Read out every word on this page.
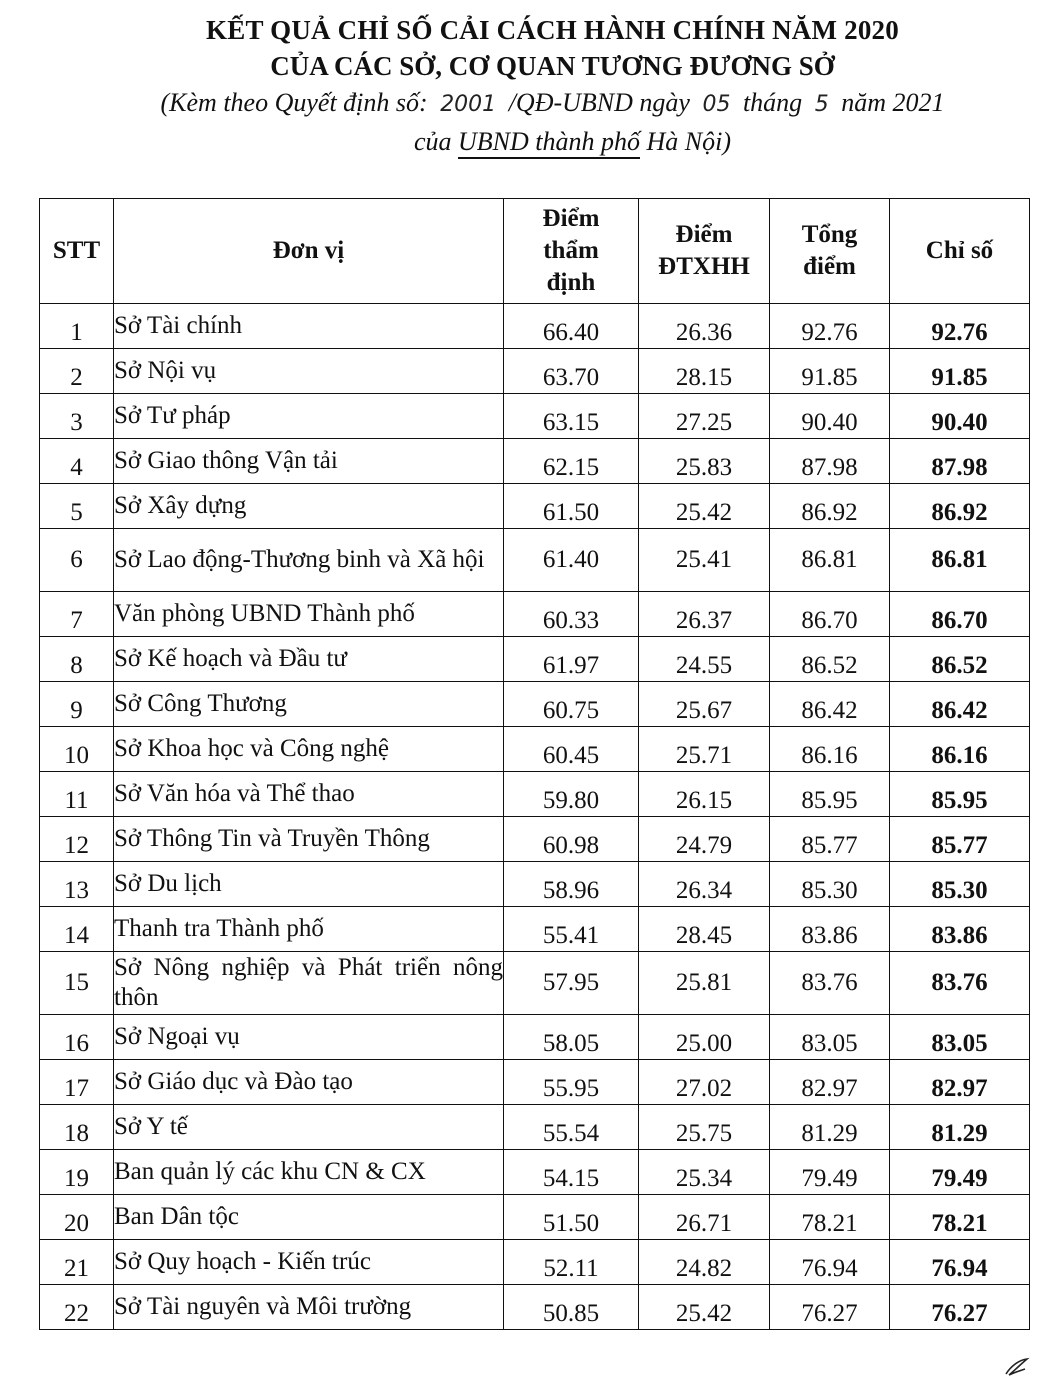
KẾT QUẢ CHỈ SỐ CẢI CÁCH HÀNH CHÍNH NĂM 2020
CỦA CÁC SỞ, CƠ QUAN TƯƠNG ĐƯƠNG SỞ
(Kèm theo Quyết định số: 2001 /QĐ-UBND ngày 05 tháng 5 năm 2021
của UBND thành phố Hà Nội)
STT	Đơn vị	Điểm thẩm định	Điểm ĐTXHH	Tổng điểm	Chỉ số
1	Sở Tài chính	66.40	26.36	92.76	92.76
2	Sở Nội vụ	63.70	28.15	91.85	91.85
3	Sở Tư pháp	63.15	27.25	90.40	90.40
4	Sở Giao thông Vận tải	62.15	25.83	87.98	87.98
5	Sở Xây dựng	61.50	25.42	86.92	86.92
6	Sở Lao động-Thương binh và Xã hội	61.40	25.41	86.81	86.81
7	Văn phòng UBND Thành phố	60.33	26.37	86.70	86.70
8	Sở Kế hoạch và Đầu tư	61.97	24.55	86.52	86.52
9	Sở Công Thương	60.75	25.67	86.42	86.42
10	Sở Khoa học và Công nghệ	60.45	25.71	86.16	86.16
11	Sở Văn hóa và Thể thao	59.80	26.15	85.95	85.95
12	Sở Thông Tin và Truyền Thông	60.98	24.79	85.77	85.77
13	Sở Du lịch	58.96	26.34	85.30	85.30
14	Thanh tra Thành phố	55.41	28.45	83.86	83.86
15	Sở Nông nghiệp và Phát triển nông thôn	57.95	25.81	83.76	83.76
16	Sở Ngoại vụ	58.05	25.00	83.05	83.05
17	Sở Giáo dục và Đào tạo	55.95	27.02	82.97	82.97
18	Sở Y tế	55.54	25.75	81.29	81.29
19	Ban quản lý các khu CN & CX	54.15	25.34	79.49	79.49
20	Ban Dân tộc	51.50	26.71	78.21	78.21
21	Sở Quy hoạch - Kiến trúc	52.11	24.82	76.94	76.94
22	Sở Tài nguyên và Môi trường	50.85	25.42	76.27	76.27
